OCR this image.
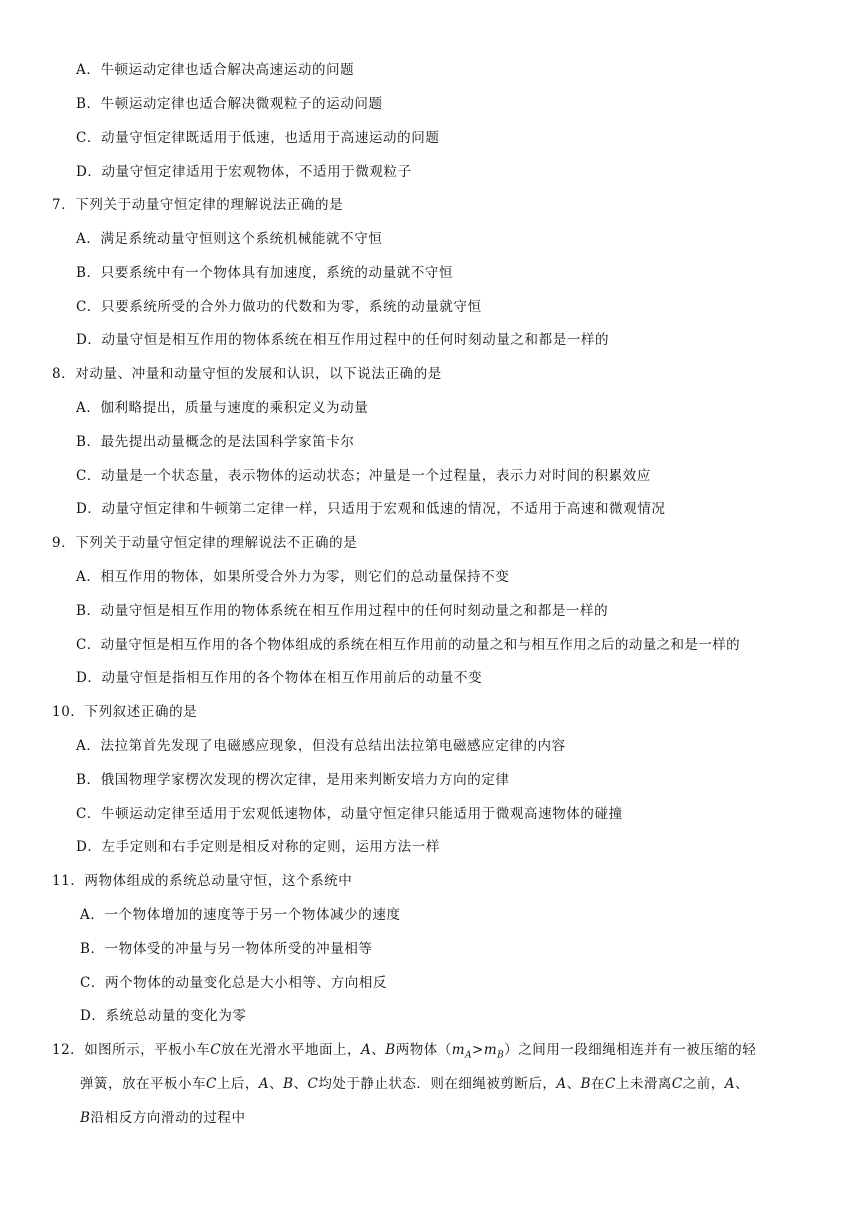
A．牛顿运动定律也适合解决高速运动的问题
B．牛顿运动定律也适合解决微观粒子的运动问题
C．动量守恒定律既适用于低速，也适用于高速运动的问题
D．动量守恒定律适用于宏观物体，不适用于微观粒子
7．下列关于动量守恒定律的理解说法正确的是
A．满足系统动量守恒则这个系统机械能就不守恒
B．只要系统中有一个物体具有加速度，系统的动量就不守恒
C．只要系统所受的合外力做功的代数和为零，系统的动量就守恒
D．动量守恒是相互作用的物体系统在相互作用过程中的任何时刻动量之和都是一样的
8．对动量、冲量和动量守恒的发展和认识，以下说法正确的是
A．伽利略提出，质量与速度的乘积定义为动量
B．最先提出动量概念的是法国科学家笛卡尔
C．动量是一个状态量，表示物体的运动状态；冲量是一个过程量，表示力对时间的积累效应
D．动量守恒定律和牛顿第二定律一样，只适用于宏观和低速的情况，不适用于高速和微观情况
9．下列关于动量守恒定律的理解说法不正确的是
B．动量守恒是相互作用的物体系统在相互作用过程中的任何时刻动量之和都是一样的
A．相互作用的物体，如果所受合外力为零，则它们的总动量保持不变
C．动量守恒是相互作用的各个物体组成的系统在相互作用前的动量之和与相互作用之后的动量之和是一样的
D．动量守恒是指相互作用的各个物体在相互作用前后的动量不变
10．下列叙述正确的是
A．法拉第首先发现了电磁感应现象，但没有总结出法拉第电磁感应定律的内容
B．俄国物理学家楞次发现的楞次定律，是用来判断安培力方向的定律
C．牛顿运动定律至适用于宏观低速物体，动量守恒定律只能适用于微观高速物体的碰撞
D．左手定则和右手定则是相反对称的定则，运用方法一样
11．两物体组成的系统总动量守恒，这个系统中
A．一个物体增加的速度等于另一个物体减少的速度
B．一物体受的冲量与另一物体所受的冲量相等
C．两个物体的动量变化总是大小相等、方向相反
D．系统总动量的变化为零
12．如图所示，平板小车C放在光滑水平地面上，A、B两物体$(m_A>m_B)$之间用一段细绳相连并有一被压缩的轻
弹簧，放在平板小车C上后，A、B、C均处于静止状态．则在细绳被剪断后，A、B在C上未滑离C之前，A、
B沿相反方向滑动的过程中
